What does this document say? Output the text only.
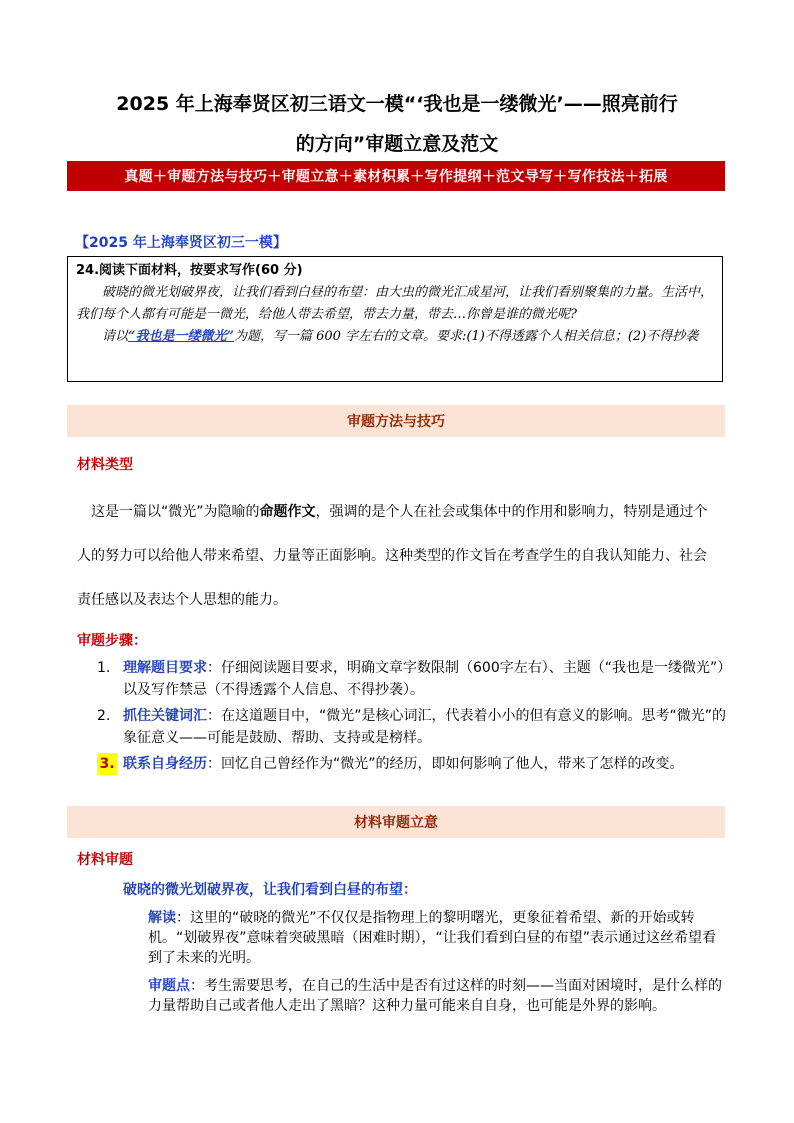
2025 年上海奉贤区初三语文一模“‘我也是一缕微光’——照亮前行
的方向”审题立意及范文
真题＋审题方法与技巧＋审题立意＋素材积累＋写作提纲＋范文导写＋写作技法＋拓展
【2025 年上海奉贤区初三一模】
24.阅读下面材料，按要求写作(60 分)
破晓的微光划破界夜，让我们看到白昼的布望：由大虫的微光汇成星河，让我们看别聚集的力量。生活中，我们每个人都有可能是一微光，给他人带去希望，带去力量，带去…你曾是谁的微光呢?
请以“我也是一缕微光”为题，写一篇 600 字左右的文章。要求:(1)不得透露个人相关信息；(2)不得抄袭
审题方法与技巧
材料类型
这是一篇以“微光”为隐喻的命题作文，强调的是个人在社会或集体中的作用和影响力，特别是通过个人的努力可以给他人带来希望、力量等正面影响。这种类型的作文旨在考查学生的自我认知能力、社会责任感以及表达个人思想的能力。
审题步骤：
1. 理解题目要求：仔细阅读题目要求，明确文章字数限制（600字左右）、主题（“我也是一缕微光”）以及写作禁忌（不得透露个人信息、不得抄袭）。
2. 抓住关键词汇：在这道题目中，“微光”是核心词汇，代表着小小的但有意义的影响。思考“微光”的象征意义——可能是鼓励、帮助、支持或是榜样。
3. 联系自身经历：回忆自己曾经作为“微光”的经历，即如何影响了他人，带来了怎样的改变。
材料审题立意
材料审题
破晓的微光划破界夜，让我们看到白昼的布望：
解读：这里的“破晓的微光”不仅仅是指物理上的黎明曙光，更象征着希望、新的开始或转机。“划破界夜”意味着突破黑暗（困难时期），“让我们看到白昼的布望”表示通过这丝希望看到了未来的光明。
审题点：考生需要思考，在自己的生活中是否有过这样的时刻——当面对困境时，是什么样的力量帮助自己或者他人走出了黑暗？这种力量可能来自自身，也可能是外界的影响。
